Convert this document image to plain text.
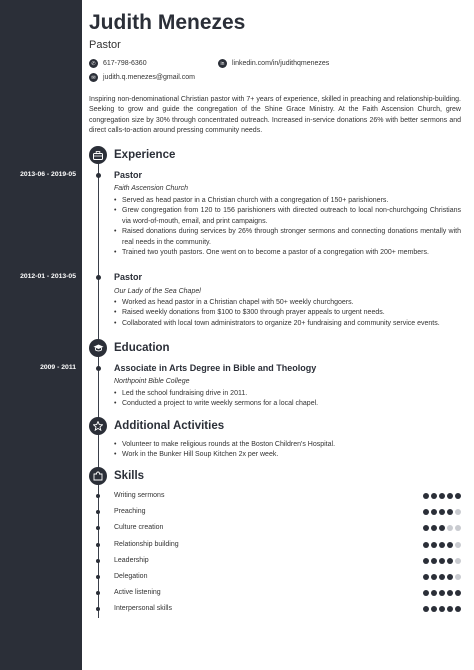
Judith Menezes
Pastor
✆	617-798-6360	in	linkedin.com/in/judithqmenezes
✉	judith.q.menezes@gmail.com
Inspiring non-denominational Christian pastor with 7+ years of experience, skilled in preaching and relationship-building. Seeking to grow and guide the congregation of the Shine Grace Ministry. At the Faith Ascension Church, grew congregation size by 30% through concentrated outreach. Increased in-service donations 26% with better sermons and direct calls-to-action around pressing community needs.
Experience
2013-06 - 2019-05	Pastor
Faith Ascension Church
• Served as head pastor in a Christian church with a congregation of 150+ parishioners.
• Grew congregation from 120 to 156 parishioners with directed outreach to local non-churchgoing Christians via word-of-mouth, email, and print campaigns.
• Raised donations during services by 26% through stronger sermons and connecting donations mentally with real needs in the community.
• Trained two youth pastors. One went on to become a pastor of a congregation with 200+ members.
2012-01 - 2013-05	Pastor
Our Lady of the Sea Chapel
• Worked as head pastor in a Christian chapel with 50+ weekly churchgoers.
• Raised weekly donations from $100 to $300 through prayer appeals to urgent needs.
• Collaborated with local town administrators to organize 20+ fundraising and community service events.
Education
2009 - 2011	Associate in Arts Degree in Bible and Theology
Northpoint Bible College
• Led the school fundraising drive in 2011.
• Conducted a project to write weekly sermons for a local chapel.
Additional Activities
• Volunteer to make religious rounds at the Boston Children's Hospital.
• Work in the Bunker Hill Soup Kitchen 2x per week.
Skills
Writing sermons
Preaching
Culture creation
Relationship building
Leadership
Delegation
Active listening
Interpersonal skills
